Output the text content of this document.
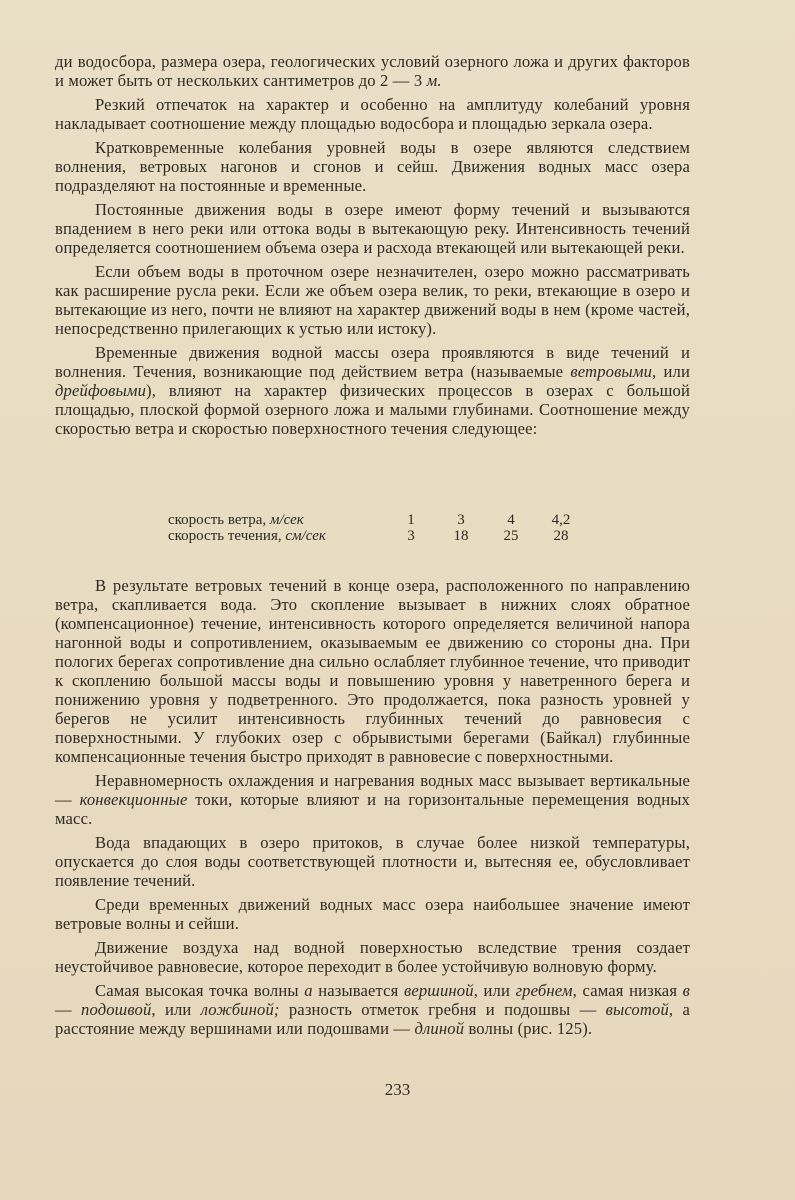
ди водосбора, размера озера, геологических условий озерного ложа и других факторов и может быть от нескольких сантиметров до 2 — 3 м.

Резкий отпечаток на характер и особенно на амплитуду колебаний уровня накладывает соотношение между площадью водосбора и площадью зеркала озера.

Кратковременные колебания уровней воды в озере являются следствием волнения, ветровых нагонов и сгонов и сейш. Движения водных масс озера подразделяют на постоянные и временные.

Постоянные движения воды в озере имеют форму течений и вызываются впадением в него реки или оттока воды в вытекающую реку. Интенсивность течений определяется соотношением объема озера и расхода втекающей или вытекающей реки.

Если объем воды в проточном озере незначителен, озеро можно рассматривать как расширение русла реки. Если же объем озера велик, то реки, втекающие в озеро и вытекающие из него, почти не влияют на характер движений воды в нем (кроме частей, непосредственно прилегающих к устью или истоку).

Временные движения водной массы озера проявляются в виде течений и волнения. Течения, возникающие под действием ветра (называемые ветровыми, или дрейфовыми), влияют на характер физических процессов в озерах с большой площадью, плоской формой озерного ложа и малыми глубинами. Соотношение между скоростью ветра и скоростью поверхностного течения следующее:

скорость ветра, м/сек	1	3	4	4,2
скорость течения, см/сек	3	18	25	28

В результате ветровых течений в конце озера, расположенного по направлению ветра, скапливается вода. Это скопление вызывает в нижних слоях обратное (компенсационное) течение, интенсивность которого определяется величиной напора нагонной воды и сопротивлением, оказываемым ее движению со стороны дна. При пологих берегах сопротивление дна сильно ослабляет глубинное течение, что приводит к скоплению большой массы воды и повышению уровня у наветренного берега и понижению уровня у подветренного. Это продолжается, пока разность уровней у берегов не усилит интенсивность глубинных течений до равновесия с поверхностными. У глубоких озер с обрывистыми берегами (Байкал) глубинные компенсационные течения быстро приходят в равновесие с поверхностными.

Неравномерность охлаждения и нагревания водных масс вызывает вертикальные — конвекционные токи, которые влияют и на горизонтальные перемещения водных масс.

Вода впадающих в озеро притоков, в случае более низкой температуры, опускается до слоя воды соответствующей плотности и, вытесняя ее, обусловливает появление течений.

Среди временных движений водных масс озера наибольшее значение имеют ветровые волны и сейши.

Движение воздуха над водной поверхностью вследствие трения создает неустойчивое равновесие, которое переходит в более устойчивую волновую форму.

Самая высокая точка волны а называется вершиной, или гребнем, самая низкая в — подошвой, или ложбиной; разность отметок гребня и подошвы — высотой, а расстояние между вершинами или подошвами — длиной волны (рис. 125).

233
